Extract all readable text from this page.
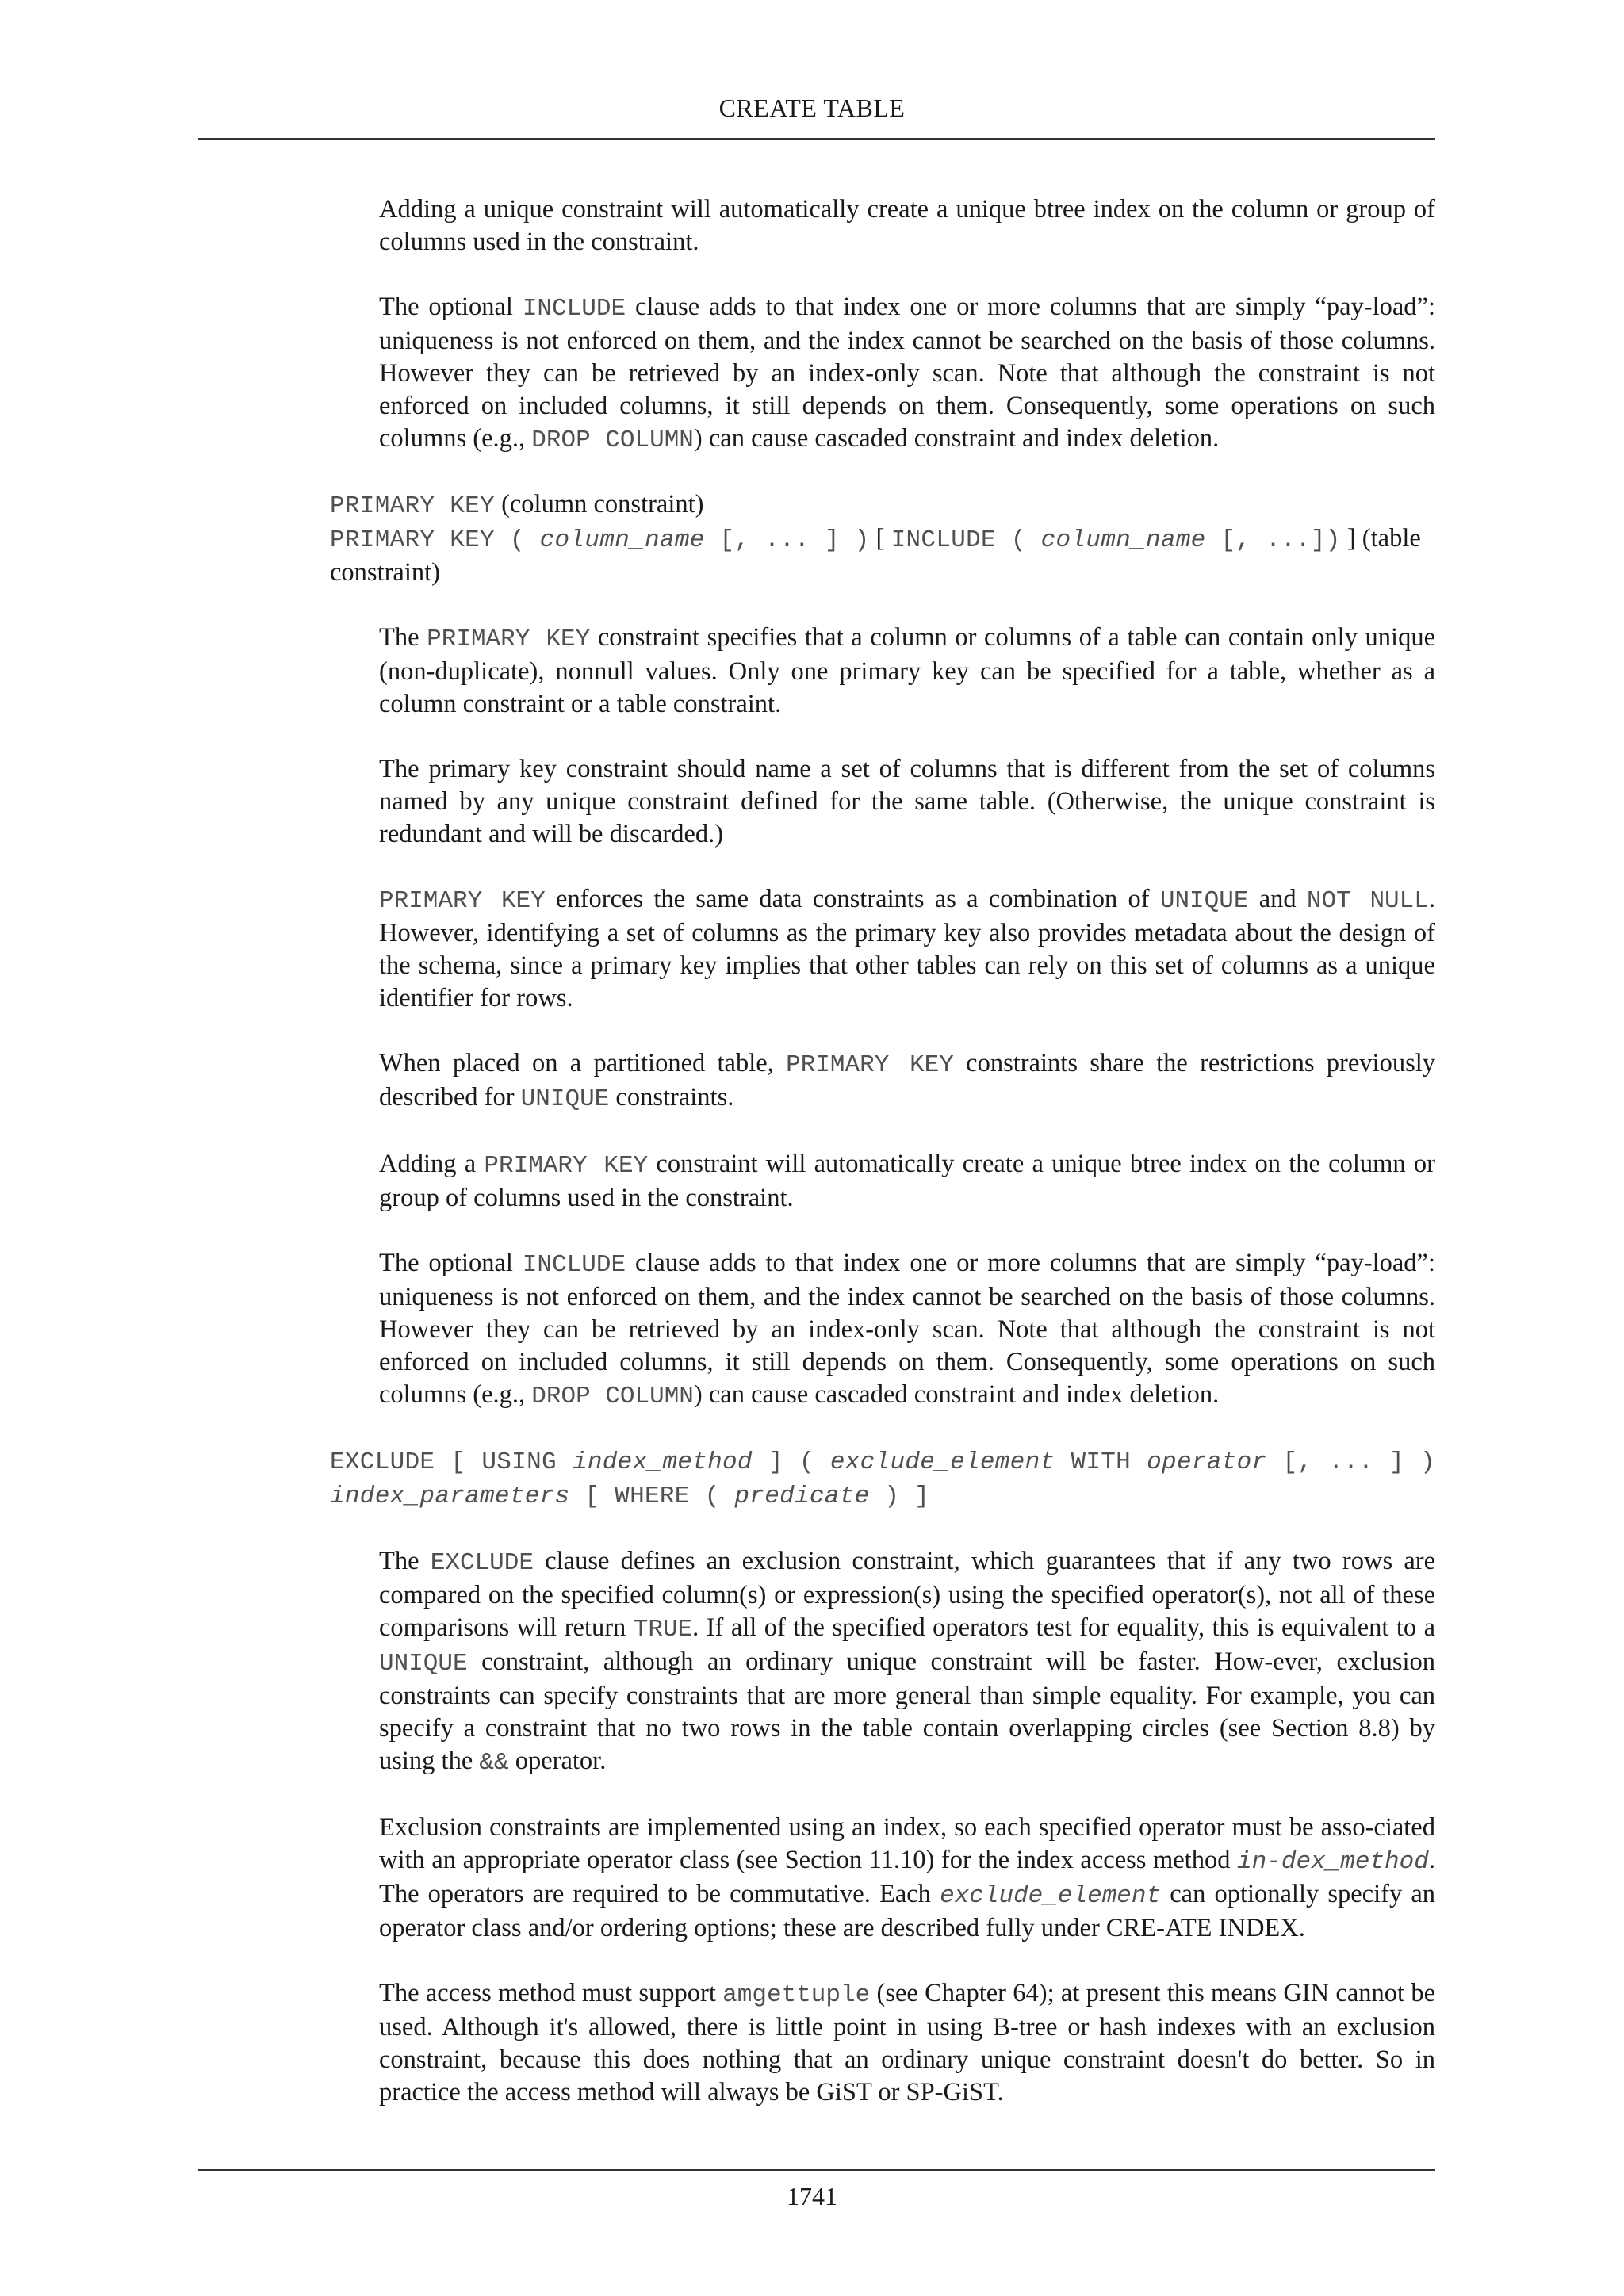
CREATE TABLE

Adding a unique constraint will automatically create a unique btree index on the column or group of columns used in the constraint.

The optional INCLUDE clause adds to that index one or more columns that are simply “pay-load”: uniqueness is not enforced on them, and the index cannot be searched on the basis of those columns. However they can be retrieved by an index-only scan. Note that although the constraint is not enforced on included columns, it still depends on them. Consequently, some operations on such columns (e.g., DROP COLUMN) can cause cascaded constraint and index deletion.

PRIMARY KEY (column constraint)

PRIMARY KEY ( column_name [, ... ] ) [ INCLUDE ( column_name [, ...]) ] (table constraint)

The PRIMARY KEY constraint specifies that a column or columns of a table can contain only unique (non-duplicate), nonnull values. Only one primary key can be specified for a table, whether as a column constraint or a table constraint.

The primary key constraint should name a set of columns that is different from the set of columns named by any unique constraint defined for the same table. (Otherwise, the unique constraint is redundant and will be discarded.)

PRIMARY KEY enforces the same data constraints as a combination of UNIQUE and NOT NULL. However, identifying a set of columns as the primary key also provides metadata about the design of the schema, since a primary key implies that other tables can rely on this set of columns as a unique identifier for rows.

When placed on a partitioned table, PRIMARY KEY constraints share the restrictions previously described for UNIQUE constraints.

Adding a PRIMARY KEY constraint will automatically create a unique btree index on the column or group of columns used in the constraint.

The optional INCLUDE clause adds to that index one or more columns that are simply “pay-load”: uniqueness is not enforced on them, and the index cannot be searched on the basis of those columns. However they can be retrieved by an index-only scan. Note that although the constraint is not enforced on included columns, it still depends on them. Consequently, some operations on such columns (e.g., DROP COLUMN) can cause cascaded constraint and index deletion.

EXCLUDE [ USING index_method ] ( exclude_element WITH operator [, ... ] ) index_parameters [ WHERE ( predicate ) ]

The EXCLUDE clause defines an exclusion constraint, which guarantees that if any two rows are compared on the specified column(s) or expression(s) using the specified operator(s), not all of these comparisons will return TRUE. If all of the specified operators test for equality, this is equivalent to a UNIQUE constraint, although an ordinary unique constraint will be faster. How-ever, exclusion constraints can specify constraints that are more general than simple equality. For example, you can specify a constraint that no two rows in the table contain overlapping circles (see Section 8.8) by using the && operator.

Exclusion constraints are implemented using an index, so each specified operator must be asso-ciated with an appropriate operator class (see Section 11.10) for the index access method in-dex_method. The operators are required to be commutative. Each exclude_element can optionally specify an operator class and/or ordering options; these are described fully under CRE-ATE INDEX.

The access method must support amgettuple (see Chapter 64); at present this means GIN cannot be used. Although it's allowed, there is little point in using B-tree or hash indexes with an exclusion constraint, because this does nothing that an ordinary unique constraint doesn't do better. So in practice the access method will always be GiST or SP-GiST.

1741
